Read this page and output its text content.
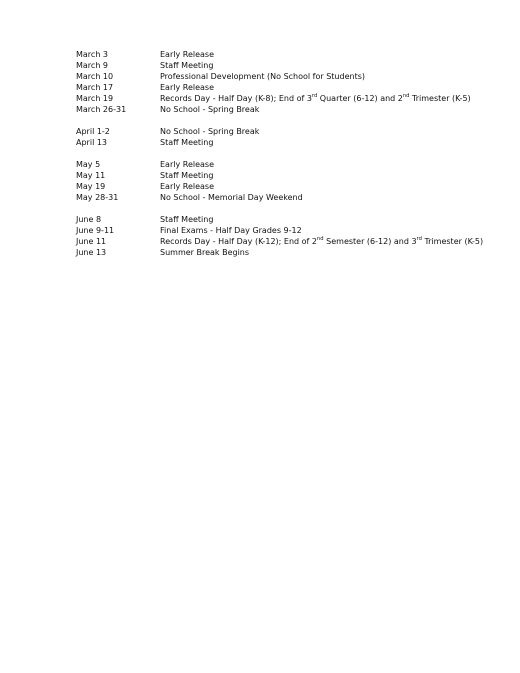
March 3	Early Release
March 9	Staff Meeting
March 10	Professional Development (No School for Students)
March 17	Early Release
March 19	Records Day - Half Day (K-8); End of 3rd Quarter (6-12) and 2nd Trimester (K-5)
March 26-31	No School - Spring Break
April 1-2	No School - Spring Break
April 13	Staff Meeting
May 5	Early Release
May 11	Staff Meeting
May 19	Early Release
May 28-31	No School - Memorial Day Weekend
June 8	Staff Meeting
June 9-11	Final Exams - Half Day Grades 9-12
June 11	Records Day - Half Day (K-12); End of 2nd Semester (6-12) and 3rd Trimester (K-5)
June 13	Summer Break Begins
